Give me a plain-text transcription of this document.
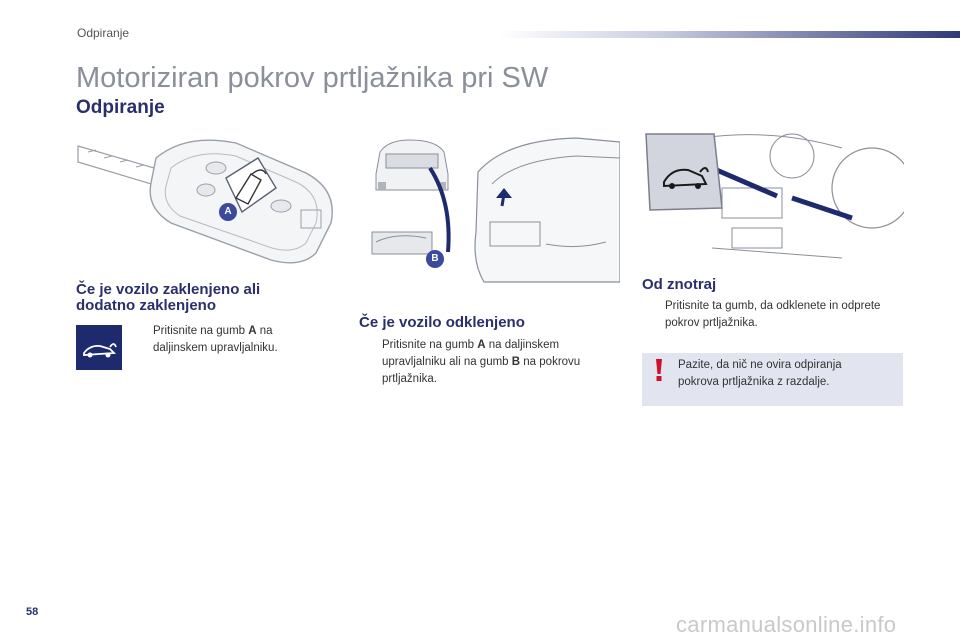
Odpiranje
Motoriziran pokrov prtljažnika pri SW
Odpiranje
A
B
Če je vozilo zaklenjeno ali
dodatno zaklenjeno
Pritisnite na gumb A na
daljinskem upravljalniku.
Če je vozilo odklenjeno
Pritisnite na gumb A na daljinskem
upravljalniku ali na gumb B na pokrovu
prtljažnika.
Od znotraj
Pritisnite ta gumb, da odklenete in odprete
pokrov prtljažnika.
Pazite, da nič ne ovira odpiranja
pokrova prtljažnika z razdalje.
58	carmanualsonline.info
